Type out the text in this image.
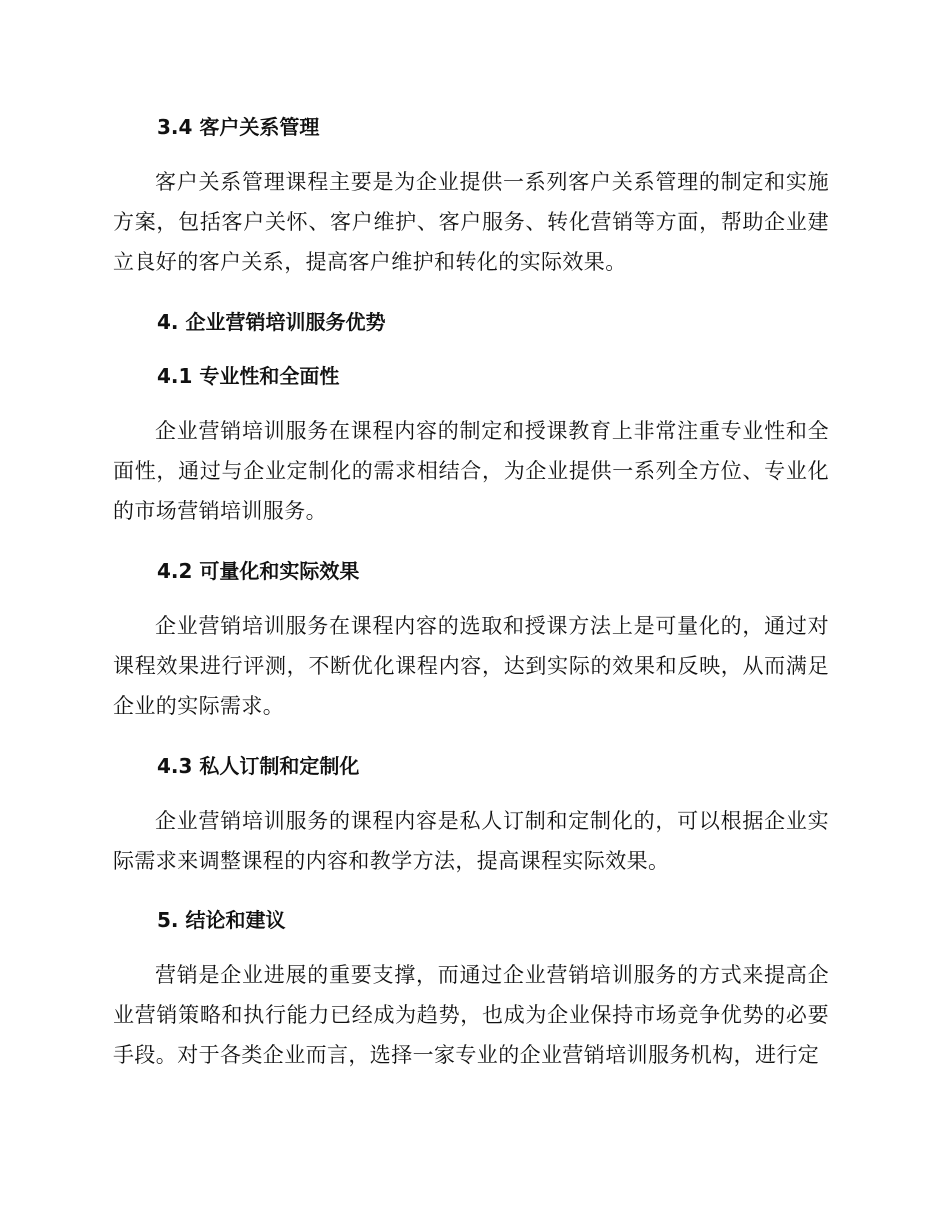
3.4 客户关系管理

客户关系管理课程主要是为企业提供一系列客户关系管理的制定和实施方案，包括客户关怀、客户维护、客户服务、转化营销等方面，帮助企业建立良好的客户关系，提高客户维护和转化的实际效果。

4. 企业营销培训服务优势
4.1 专业性和全面性

企业营销培训服务在课程内容的制定和授课教育上非常注重专业性和全面性，通过与企业定制化的需求相结合，为企业提供一系列全方位、专业化的市场营销培训服务。

4.2 可量化和实际效果

企业营销培训服务在课程内容的选取和授课方法上是可量化的，通过对课程效果进行评测，不断优化课程内容，达到实际的效果和反映，从而满足企业的实际需求。

4.3 私人订制和定制化

企业营销培训服务的课程内容是私人订制和定制化的，可以根据企业实际需求来调整课程的内容和教学方法，提高课程实际效果。

5. 结论和建议

营销是企业进展的重要支撑，而通过企业营销培训服务的方式来提高企业营销策略和执行能力已经成为趋势，也成为企业保持市场竞争优势的必要手段。对于各类企业而言，选择一家专业的企业营销培训服务机构，进行定
